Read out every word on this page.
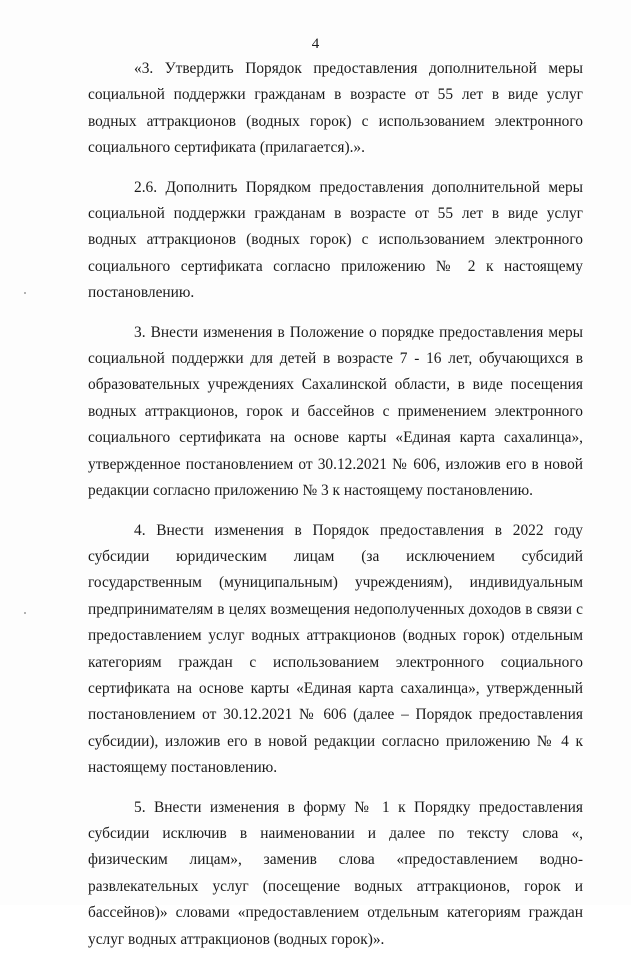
4

«3. Утвердить Порядок предоставления дополнительной меры социальной поддержки гражданам в возрасте от 55 лет в виде услуг водных аттракционов (водных горок) с использованием электронного социального сертификата (прилагается).».

2.6. Дополнить Порядком предоставления дополнительной меры социальной поддержки гражданам в возрасте от 55 лет в виде услуг водных аттракционов (водных горок) с использованием электронного социального сертификата согласно приложению № 2 к настоящему постановлению.

3. Внести изменения в Положение о порядке предоставления меры социальной поддержки для детей в возрасте 7 - 16 лет, обучающихся в образовательных учреждениях Сахалинской области, в виде посещения водных аттракционов, горок и бассейнов с применением электронного социального сертификата на основе карты «Единая карта сахалинца», утвержденное постановлением от 30.12.2021 № 606, изложив его в новой редакции согласно приложению № 3 к настоящему постановлению.

4. Внести изменения в Порядок предоставления в 2022 году субсидии юридическим лицам (за исключением субсидий государственным (муниципальным) учреждениям), индивидуальным предпринимателям в целях возмещения недополученных доходов в связи с предоставлением услуг водных аттракционов (водных горок) отдельным категориям граждан с использованием электронного социального сертификата на основе карты «Единая карта сахалинца», утвержденный постановлением от 30.12.2021 № 606 (далее – Порядок предоставления субсидии), изложив его в новой редакции согласно приложению № 4 к настоящему постановлению.

5. Внести изменения в форму № 1 к Порядку предоставления субсидии исключив в наименовании и далее по тексту слова «, физическим лицам», заменив слова «предоставлением водно-развлекательных услуг (посещение водных аттракционов, горок и бассейнов)» словами «предоставлением отдельным категориям граждан услуг водных аттракционов (водных горок)».
